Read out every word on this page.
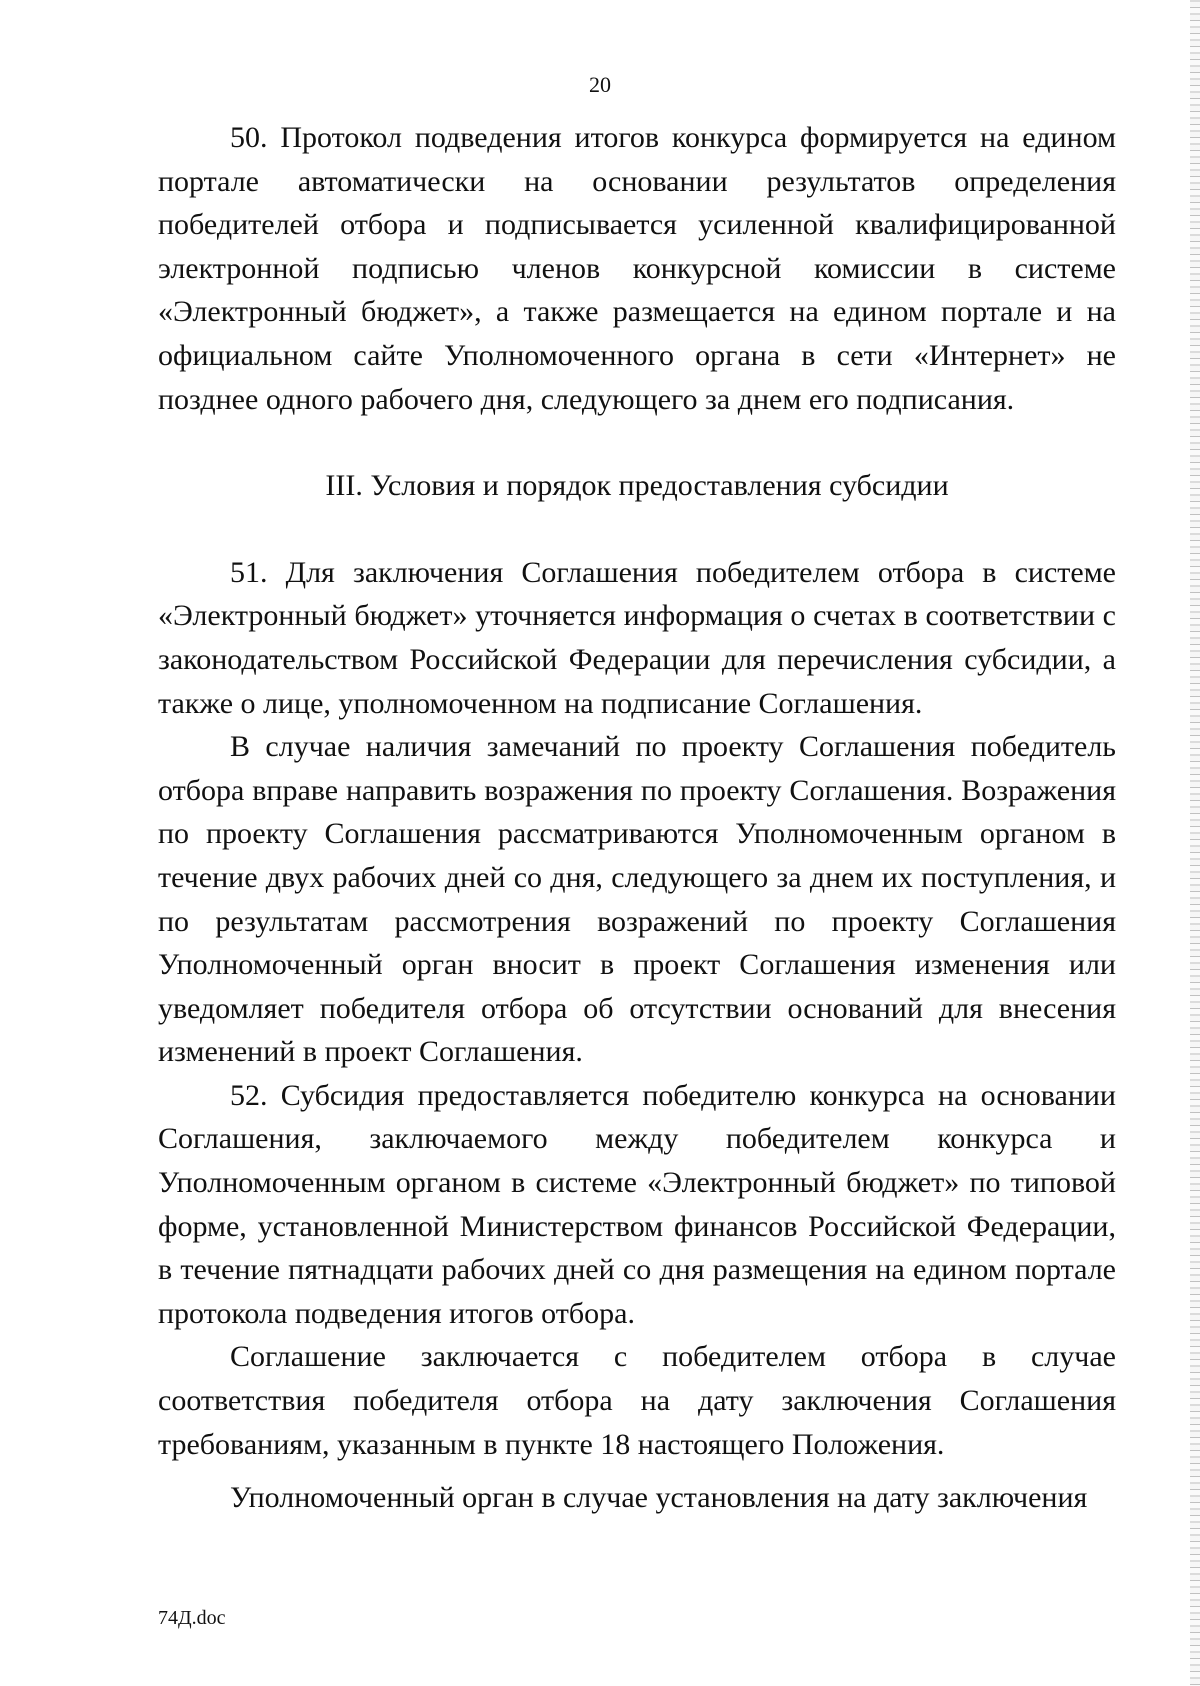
20

50. Протокол подведения итогов конкурса формируется на едином портале автоматически на основании результатов определения победителей отбора и подписывается усиленной квалифицированной электронной подписью членов конкурсной комиссии в системе «Электронный бюджет», а также размещается на едином портале и на официальном сайте Уполномоченного органа в сети «Интернет» не позднее одного рабочего дня, следующего за днем его подписания.

III. Условия и порядок предоставления субсидии

51. Для заключения Соглашения победителем отбора в системе «Электронный бюджет» уточняется информация о счетах в соответствии с законодательством Российской Федерации для перечисления субсидии, а также о лице, уполномоченном на подписание Соглашения.

В случае наличия замечаний по проекту Соглашения победитель отбора вправе направить возражения по проекту Соглашения. Возражения по проекту Соглашения рассматриваются Уполномоченным органом в течение двух рабочих дней со дня, следующего за днем их поступления, и по результатам рассмотрения возражений по проекту Соглашения Уполномоченный орган вносит в проект Соглашения изменения или уведомляет победителя отбора об отсутствии оснований для внесения изменений в проект Соглашения.

52. Субсидия предоставляется победителю конкурса на основании Соглашения, заключаемого между победителем конкурса и Уполномоченным органом в системе «Электронный бюджет» по типовой форме, установленной Министерством финансов Российской Федерации, в течение пятнадцати рабочих дней со дня размещения на едином портале протокола подведения итогов отбора.

Соглашение заключается с победителем отбора в случае соответствия победителя отбора на дату заключения Соглашения требованиям, указанным в пункте 18 настоящего Положения.

Уполномоченный орган в случае установления на дату заключения

74Д.doc
